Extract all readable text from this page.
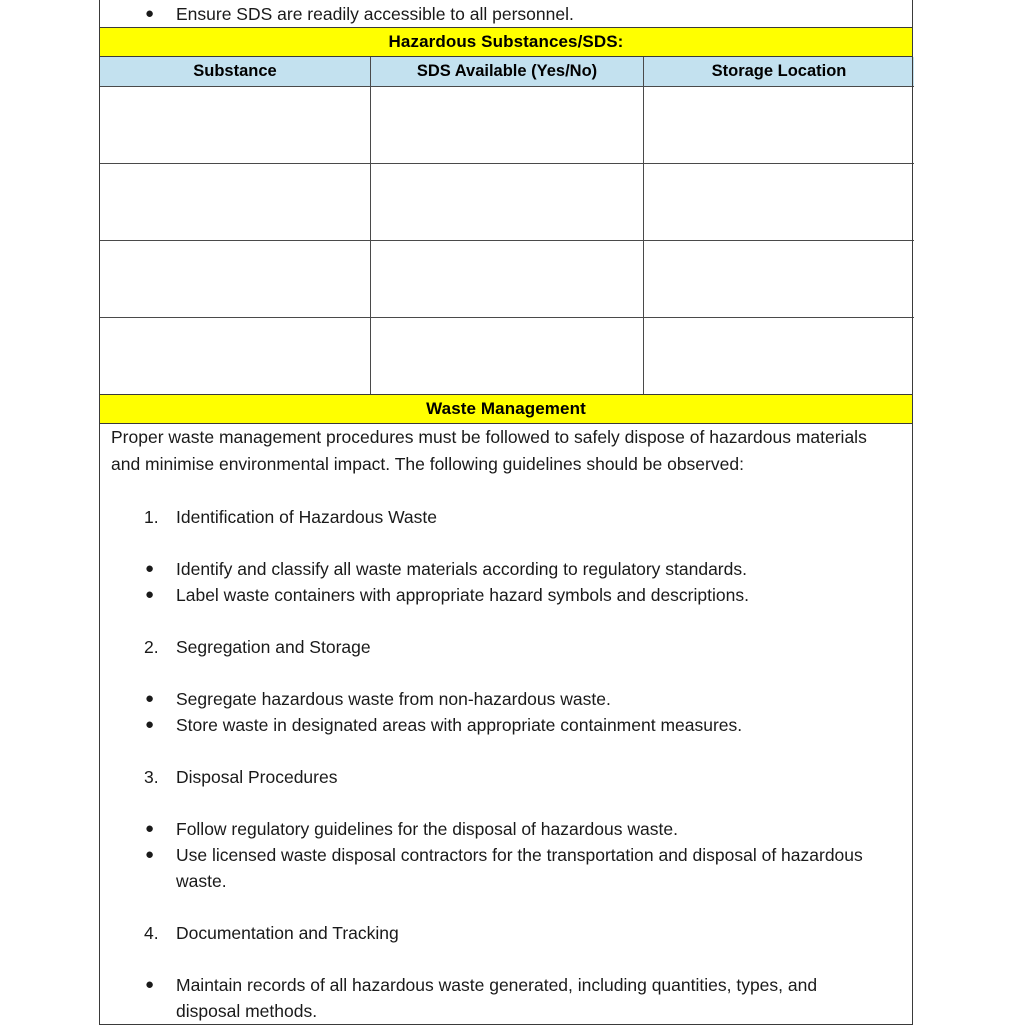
●	Ensure SDS are readily accessible to all personnel.

Hazardous Substances/SDS:

Substance	SDS Available (Yes/No)	Storage Location

Waste Management

Proper waste management procedures must be followed to safely dispose of hazardous materials and minimise environmental impact. The following guidelines should be observed:
1. Identification of Hazardous Waste
●	Identify and classify all waste materials according to regulatory standards.
●	Label waste containers with appropriate hazard symbols and descriptions.
2. Segregation and Storage
●	Segregate hazardous waste from non-hazardous waste.
●	Store waste in designated areas with appropriate containment measures.
3. Disposal Procedures
●	Follow regulatory guidelines for the disposal of hazardous waste.
●	Use licensed waste disposal contractors for the transportation and disposal of hazardous waste.
4. Documentation and Tracking
●	Maintain records of all hazardous waste generated, including quantities, types, and disposal methods.
